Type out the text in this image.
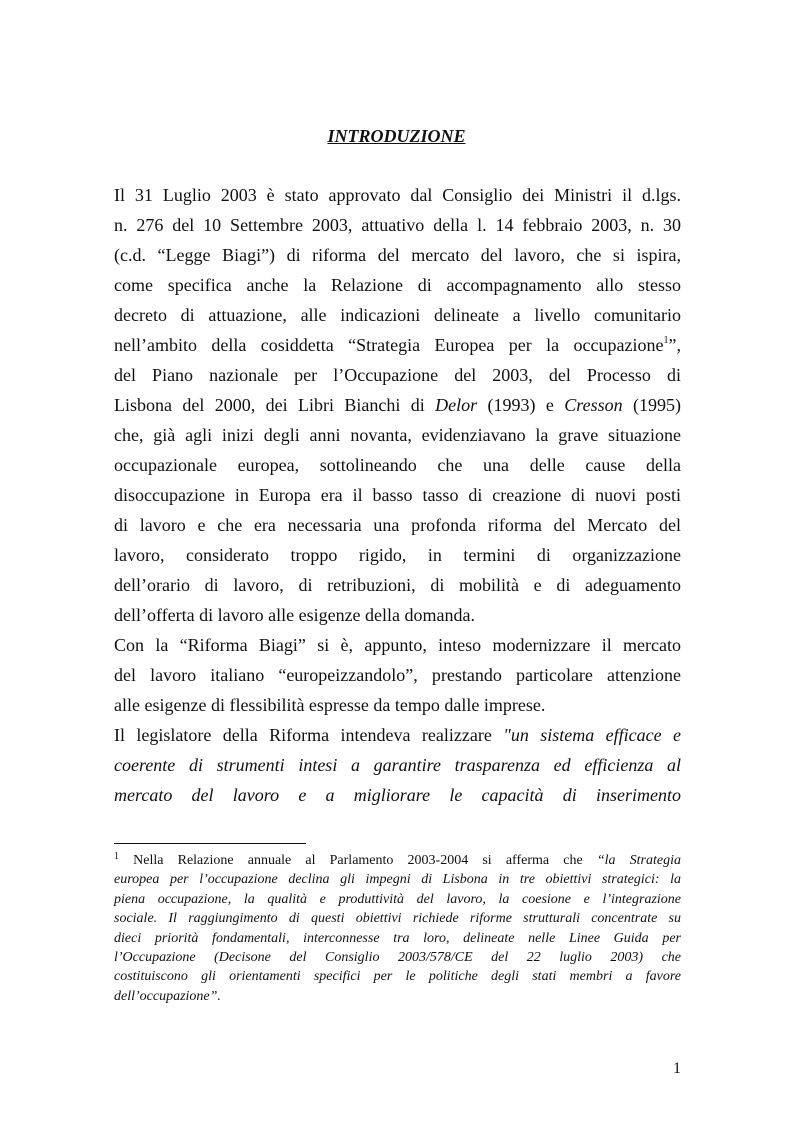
INTRODUZIONE
Il 31 Luglio 2003 è stato approvato dal Consiglio dei Ministri il d.lgs.
n. 276 del 10 Settembre 2003, attuativo della l. 14 febbraio 2003, n. 30
(c.d. “Legge Biagi”) di riforma del mercato del lavoro, che si ispira,
come specifica anche la Relazione di accompagnamento allo stesso
decreto di attuazione, alle indicazioni delineate a livello comunitario
nell’ambito della cosiddetta “Strategia Europea per la occupazione$^1$”,
del Piano nazionale per l’Occupazione del 2003, del Processo di
Lisbona del 2000, dei Libri Bianchi di Delor (1993) e Cresson (1995)
che, già agli inizi degli anni novanta, evidenziavano la grave situazione
occupazionale europea, sottolineando che una delle cause della
disoccupazione in Europa era il basso tasso di creazione di nuovi posti
di lavoro e che era necessaria una profonda riforma del Mercato del
lavoro, considerato troppo rigido, in termini di organizzazione
dell’orario di lavoro, di retribuzioni, di mobilità e di adeguamento
dell’offerta di lavoro alle esigenze della domanda.
Con la “Riforma Biagi” si è, appunto, inteso modernizzare il mercato
del lavoro italiano “europeizzandolo”, prestando particolare attenzione
alle esigenze di flessibilità espresse da tempo dalle imprese.
Il legislatore della Riforma intendeva realizzare "un sistema efficace e
coerente di strumenti intesi a garantire trasparenza ed efficienza al
mercato del lavoro e a migliorare le capacità di inserimento
$^1$ Nella Relazione annuale al Parlamento 2003-2004 si afferma che “la Strategia
europea per l’occupazione declina gli impegni di Lisbona in tre obiettivi strategici: la
piena occupazione, la qualità e produttività del lavoro, la coesione e l’integrazione
sociale. Il raggiungimento di questi obiettivi richiede riforme strutturali concentrate su
dieci priorità fondamentali, interconnesse tra loro, delineate nelle Linee Guida per
l’Occupazione (Decisone del Consiglio 2003/578/CE del 22 luglio 2003) che
costituiscono gli orientamenti specifici per le politiche degli stati membri a favore
dell’occupazione”.
1
